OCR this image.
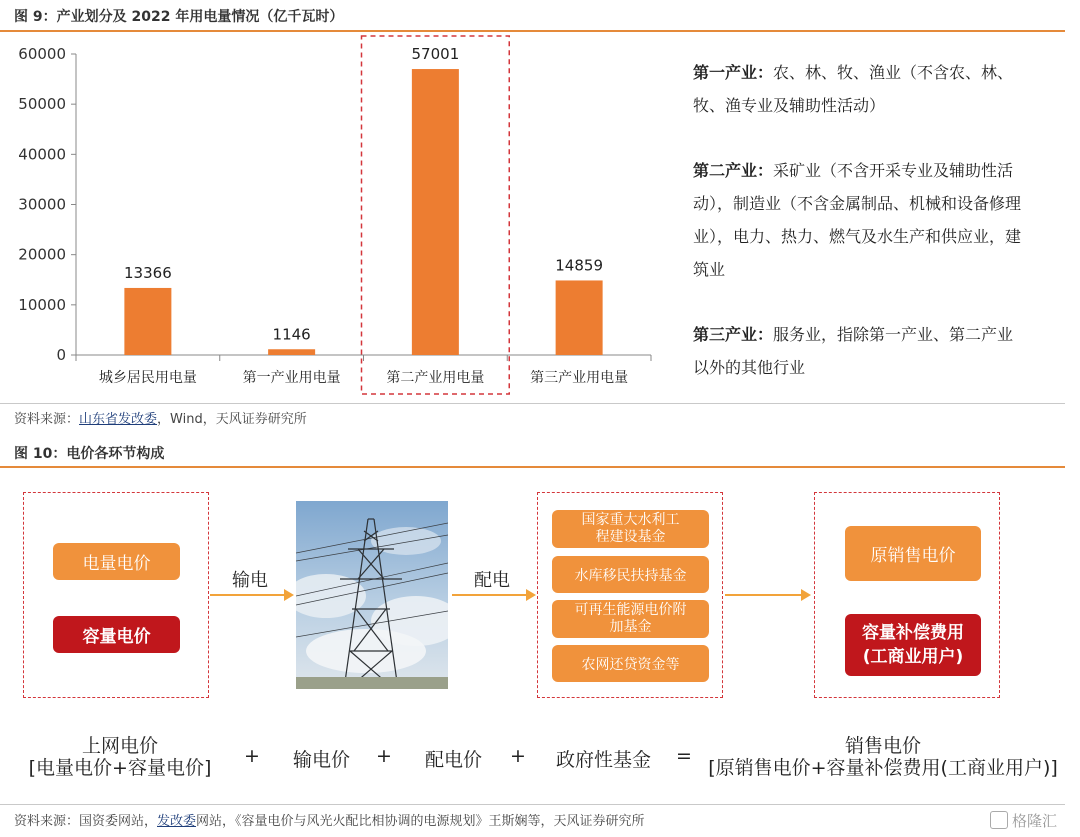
图 9：产业划分及 2022 年用电量情况（亿千瓦时）
0
10000
20000
30000
40000
50000
60000
13366
城乡居民用电量
1146
第一产业用电量
57001
第二产业用电量
14859
第三产业用电量
第一产业：农、林、牧、渔业（不含农、林、牧、渔专业及辅助性活动）
第二产业：采矿业（不含开采专业及辅助性活动），制造业（不含金属制品、机械和设备修理业），电力、热力、燃气及水生产和供应业，建筑业
第三产业：服务业，指除第一产业、第二产业以外的其他行业
资料来源：山东省发改委，Wind，天风证券研究所
图 10：电价各环节构成
电量电价
容量电价
输电	配电
国家重大水利工程建设基金
水库移民扶持基金
可再生能源电价附加基金
农网还贷资金等
原销售电价
容量补偿费用(工商业用户)
上网电价
[电量电价+容量电价]
+ 输电价 + 配电价 + 政府性基金 =	销售电价
[原销售电价+容量补偿费用(工商业用户)]
资料来源：国资委网站，发改委网站，《容量电价与风光火配比相协调的电源规划》王斯娴等，天风证券研究所	格隆汇
